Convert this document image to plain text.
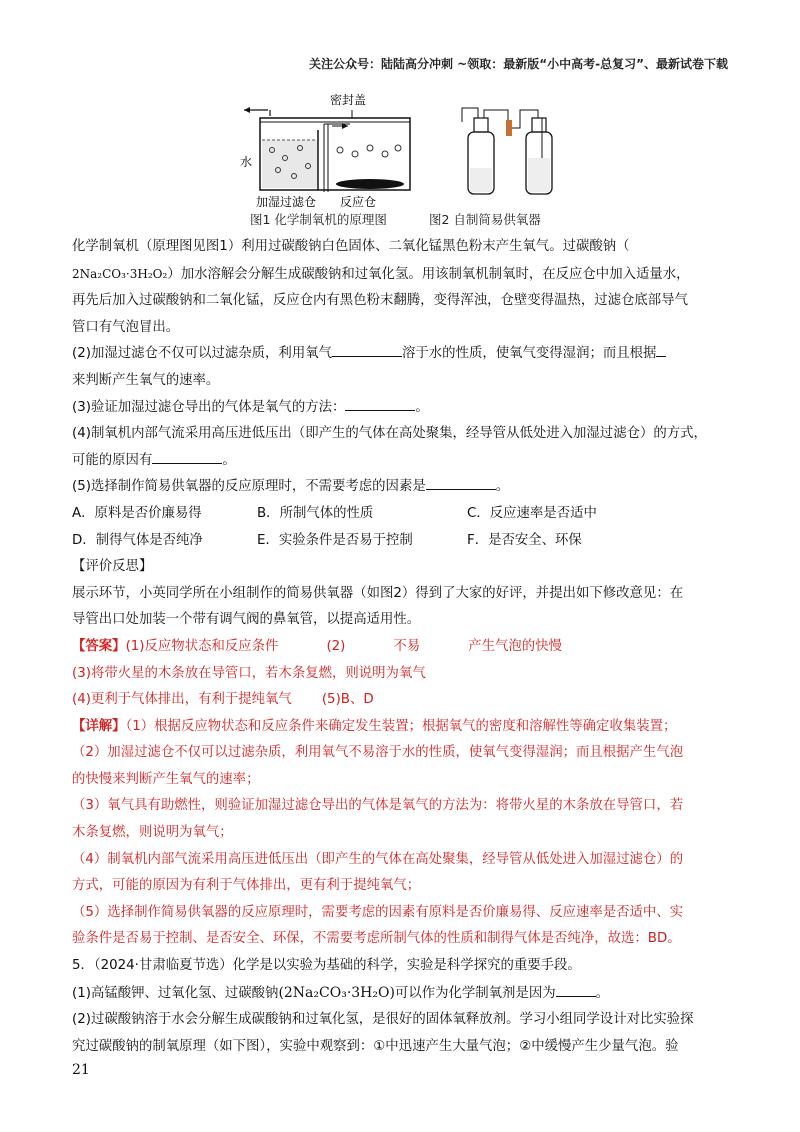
关注公众号：陆陆高分冲刺 ~领取：最新版“小中高考-总复习”、最新试卷下载
密封盖
水
加湿过滤仓 反应仓
图1 化学制氧机的原理图	图2 自制简易供氧器

化学制氧机（原理图见图1）利用过碳酸钠白色固体、二氧化锰黑色粉末产生氧气。过碳酸钠（

2Na₂CO₃·3H₂O₂）加水溶解会分解生成碳酸钠和过氧化氢。用该制氧机制氧时，在反应仓中加入适量水，

再先后加入过碳酸钠和二氧化锰，反应仓内有黑色粉末翻腾，变得浑浊，仓壁变得温热，过滤仓底部导气

管口有气泡冒出。

(2)加湿过滤仓不仅可以过滤杂质，利用氧气	溶于水的性质，使氧气变得湿润；而且根据

来判断产生氧气的速率。

(3)验证加湿过滤仓导出的气体是氧气的方法：	。

(4)制氧机内部气流采用高压进低压出（即产生的气体在高处聚集，经导管从低处进入加湿过滤仓）的方式，

可能的原因有	。

(5)选择制作简易供氧器的反应原理时，不需要考虑的因素是	。

A．原料是否价廉易得	B．所制气体的性质	C．反应速率是否适中
D．制得气体是否纯净	E．实验条件是否易于控制	F．是否安全、环保

【评价反思】

展示环节，小英同学所在小组制作的简易供氧器（如图2）得到了大家的好评，并提出如下修改意见：在

导管出口处加装一个带有调气阀的鼻氧管，以提高适用性。

【答案】(1)反应物状态和反应条件	(2)	不易	产生气泡的快慢

(3)将带火星的木条放在导管口，若木条复燃，则说明为氧气

(4)更利于气体排出，有利于提纯氧气 (5)B、D

【详解】（1）根据反应物状态和反应条件来确定发生装置；根据氧气的密度和溶解性等确定收集装置；

（2）加湿过滤仓不仅可以过滤杂质，利用氧气不易溶于水的性质，使氧气变得湿润；而且根据产生气泡

的快慢来判断产生氧气的速率；

（3）氧气具有助燃性，则验证加湿过滤仓导出的气体是氧气的方法为：将带火星的木条放在导管口，若

木条复燃，则说明为氧气；

（4）制氧机内部气流采用高压进低压出（即产生的气体在高处聚集，经导管从低处进入加湿过滤仓）的

方式，可能的原因为有利于气体排出，更有利于提纯氧气；

（5）选择制作简易供氧器的反应原理时，需要考虑的因素有原料是否价廉易得、反应速率是否适中、实

验条件是否易于控制、是否安全、环保，不需要考虑所制气体的性质和制得气体是否纯净，故选：BD。

5．（2024·甘肃临夏节选）化学是以实验为基础的科学，实验是科学探究的重要手段。

(1)高锰酸钾、过氧化氢、过碳酸钠(2Na₂CO₃·3H₂O)可以作为化学制氧剂是因为	。

(2)过碳酸钠溶于水会分解生成碳酸钠和过氧化氢，是很好的固体氧释放剂。学习小组同学设计对比实验探

究过碳酸钠的制氧原理（如下图），实验中观察到：①中迅速产生大量气泡；②中缓慢产生少量气泡。验

21
